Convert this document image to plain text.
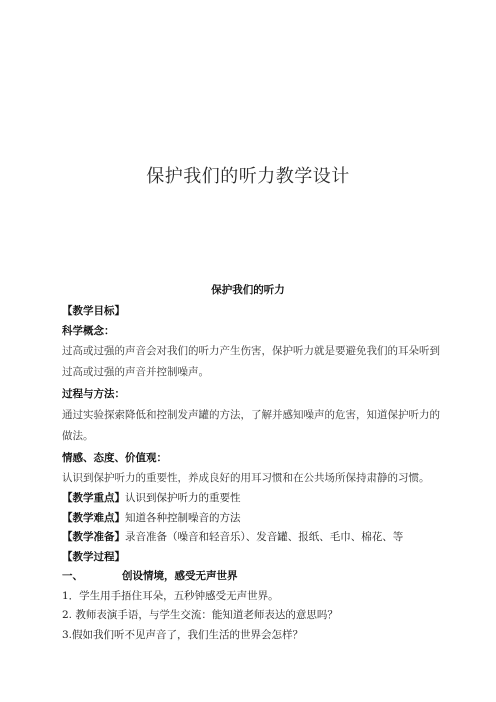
保护我们的听力教学设计
保护我们的听力
【教学目标】
科学概念：
过高或过强的声音会对我们的听力产生伤害，保护听力就是要避免我们的耳朵听到过高或过强的声音并控制噪声。
过程与方法：
通过实验探索降低和控制发声罐的方法，了解并感知噪声的危害，知道保护听力的做法。
情感、态度、价值观：
认识到保护听力的重要性，养成良好的用耳习惯和在公共场所保持肃静的习惯。
【教学重点】认识到保护听力的重要性
【教学难点】知道各种控制噪音的方法
【教学准备】录音准备（噪音和轻音乐）、发音罐、报纸、毛巾、棉花、等
【教学过程】
一、	创设情境，感受无声世界
1．学生用手捂住耳朵，五秒钟感受无声世界。
2. 教师表演手语，与学生交流：能知道老师表达的意思吗？
3.假如我们听不见声音了，我们生活的世界会怎样？
